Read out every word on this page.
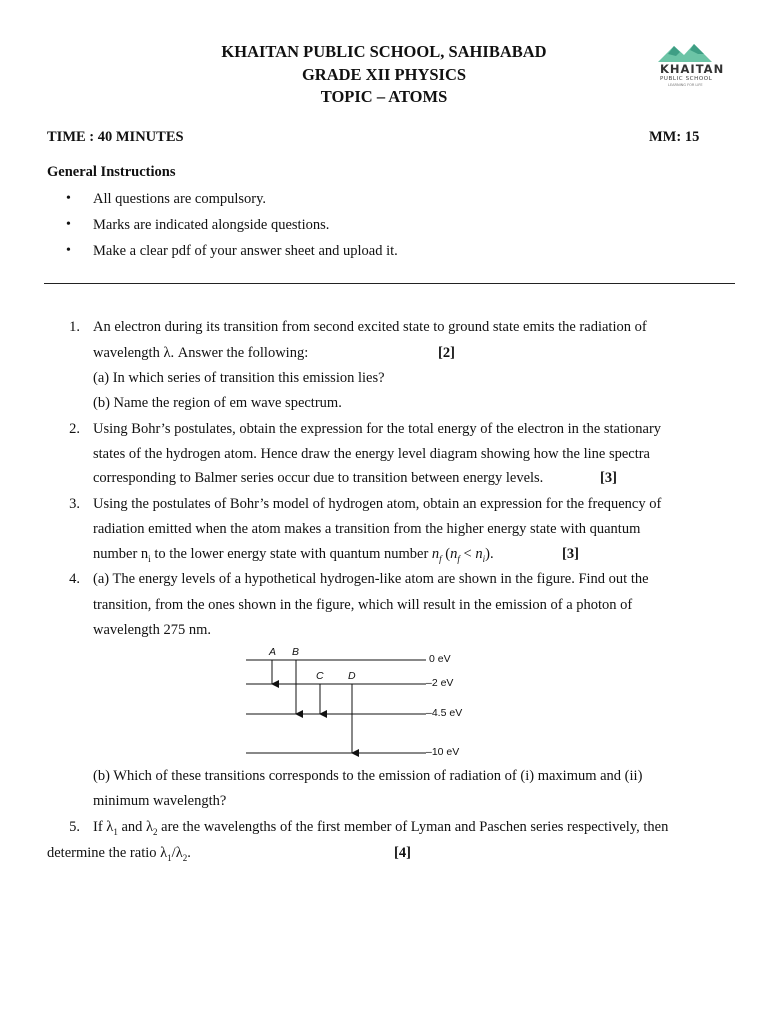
KHAITAN PUBLIC SCHOOL, SAHIBABAD
GRADE XII PHYSICS
TOPIC – ATOMS
KHAITAN
PUBLIC SCHOOL
LEARNING FOR LIFE
TIME : 40 MINUTES	MM: 15
General Instructions
• All questions are compulsory.
• Marks are indicated alongside questions.
• Make a clear pdf of your answer sheet and upload it.
1. An electron during its transition from second excited state to ground state emits the radiation of
wavelength λ. Answer the following:	[2]
(a) In which series of transition this emission lies?
(b) Name the region of em wave spectrum.
2. Using Bohr’s postulates, obtain the expression for the total energy of the electron in the stationary
states of the hydrogen atom. Hence draw the energy level diagram showing how the line spectra
corresponding to Balmer series occur due to transition between energy levels.	[3]
3. Using the postulates of Bohr’s model of hydrogen atom, obtain an expression for the frequency of
radiation emitted when the atom makes a transition from the higher energy state with quantum
number $n_i$ to the lower energy state with quantum number $n_f$ $(n_f < n_i)$.	[3]
4. (a) The energy levels of a hypothetical hydrogen-like atom are shown in the figure. Find out the
transition, from the ones shown in the figure, which will result in the emission of a photon of
wavelength 275 nm.
A B
C D
0 eV
–2 eV
–4.5 eV
–10 eV
(b) Which of these transitions corresponds to the emission of radiation of (i) maximum and (ii)
minimum wavelength?
5. If $\lambda_1$ and $\lambda_2$ are the wavelengths of the first member of Lyman and Paschen series respectively, then
determine the ratio $\lambda_1/\lambda_2$.	[4]
